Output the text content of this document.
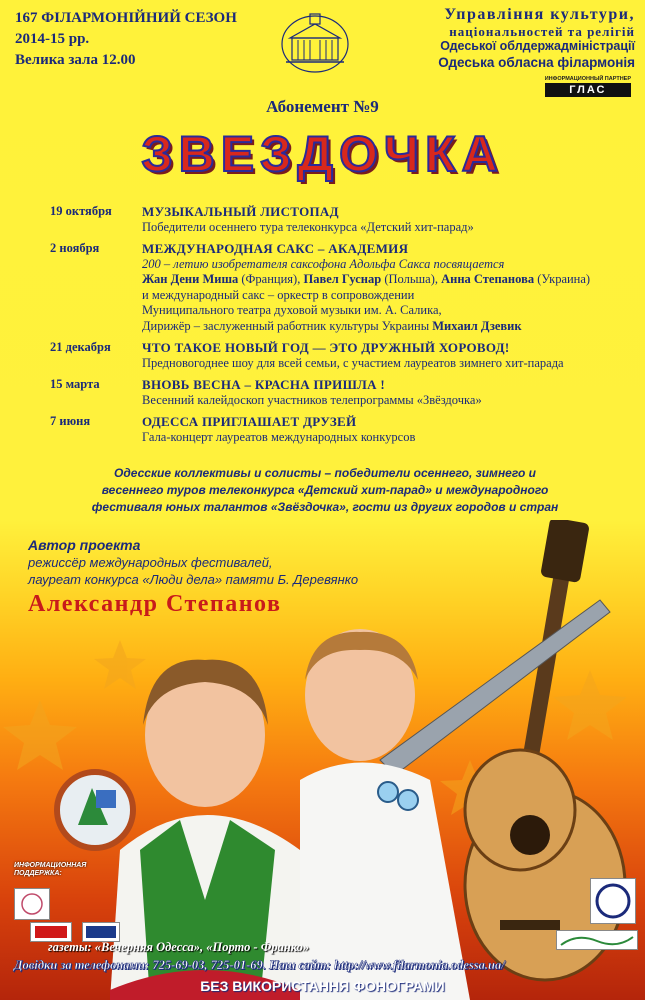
167 ФІЛАРМОНІЙНИЙ СЕЗОН
2014-15 рр.
Велика зала 12.00
Управління культури,
національностей та релігій
Одеської облдержадміністрації
Одеська обласна філармонія
ИНФОРМАЦИОННЫЙ ПАРТНЕР
ГЛАС
Абонемент №9
ЗВЕЗДОЧКА
19 октября	МУЗЫКАЛЬНЫЙ ЛИСТОПАД
Победители осеннего тура телеконкурса «Детский хит-парад»
2 ноября	МЕЖДУНАРОДНАЯ САКС – АКАДЕМИЯ
200 – летию изобретателя саксофона Адольфа Сакса посвящается
Жан Дени Миша (Франция), Павел Гуснар (Польша), Анна Степанова (Украина)
и международный сакс – оркестр в сопровождении
Муниципального театра духовой музыки им. А. Салика,
Дирижёр – заслуженный работник культуры Украины Михаил Дзевик
21 декабря	ЧТО ТАКОЕ НОВЫЙ ГОД — ЭТО ДРУЖНЫЙ ХОРОВОД!
Предновогоднее шоу для всей семьи, с участием лауреатов зимнего хит-парада
15 марта	ВНОВЬ ВЕСНА – КРАСНА ПРИШЛА !
Весенний калейдоскоп участников телепрограммы «Звёздочка»
7 июня	ОДЕССА ПРИГЛАШАЕТ ДРУЗЕЙ
Гала-концерт лауреатов международных конкурсов
Одесские коллективы и солисты – победители осеннего, зимнего и
весеннего туров телеконкурса «Детский хит-парад» и международного
фестиваля юных талантов «Звёздочка», гости из других городов и стран
Автор проекта
режиссёр международных фестивалей,
лауреат конкурса «Люди дела» памяти Б. Деревянко
Александр Степанов
ИНФОРМАЦИОННАЯ
ПОДДЕРЖКА:
газеты: «Вечерняя Одесса», «Порто - Франко»
Довідки за телефонами: 725-69-03, 725-01-69. Наш сайт: http://www.filarmonia.odessa.ua/
БЕЗ ВИКОРИСТАННЯ ФОНОГРАМИ
